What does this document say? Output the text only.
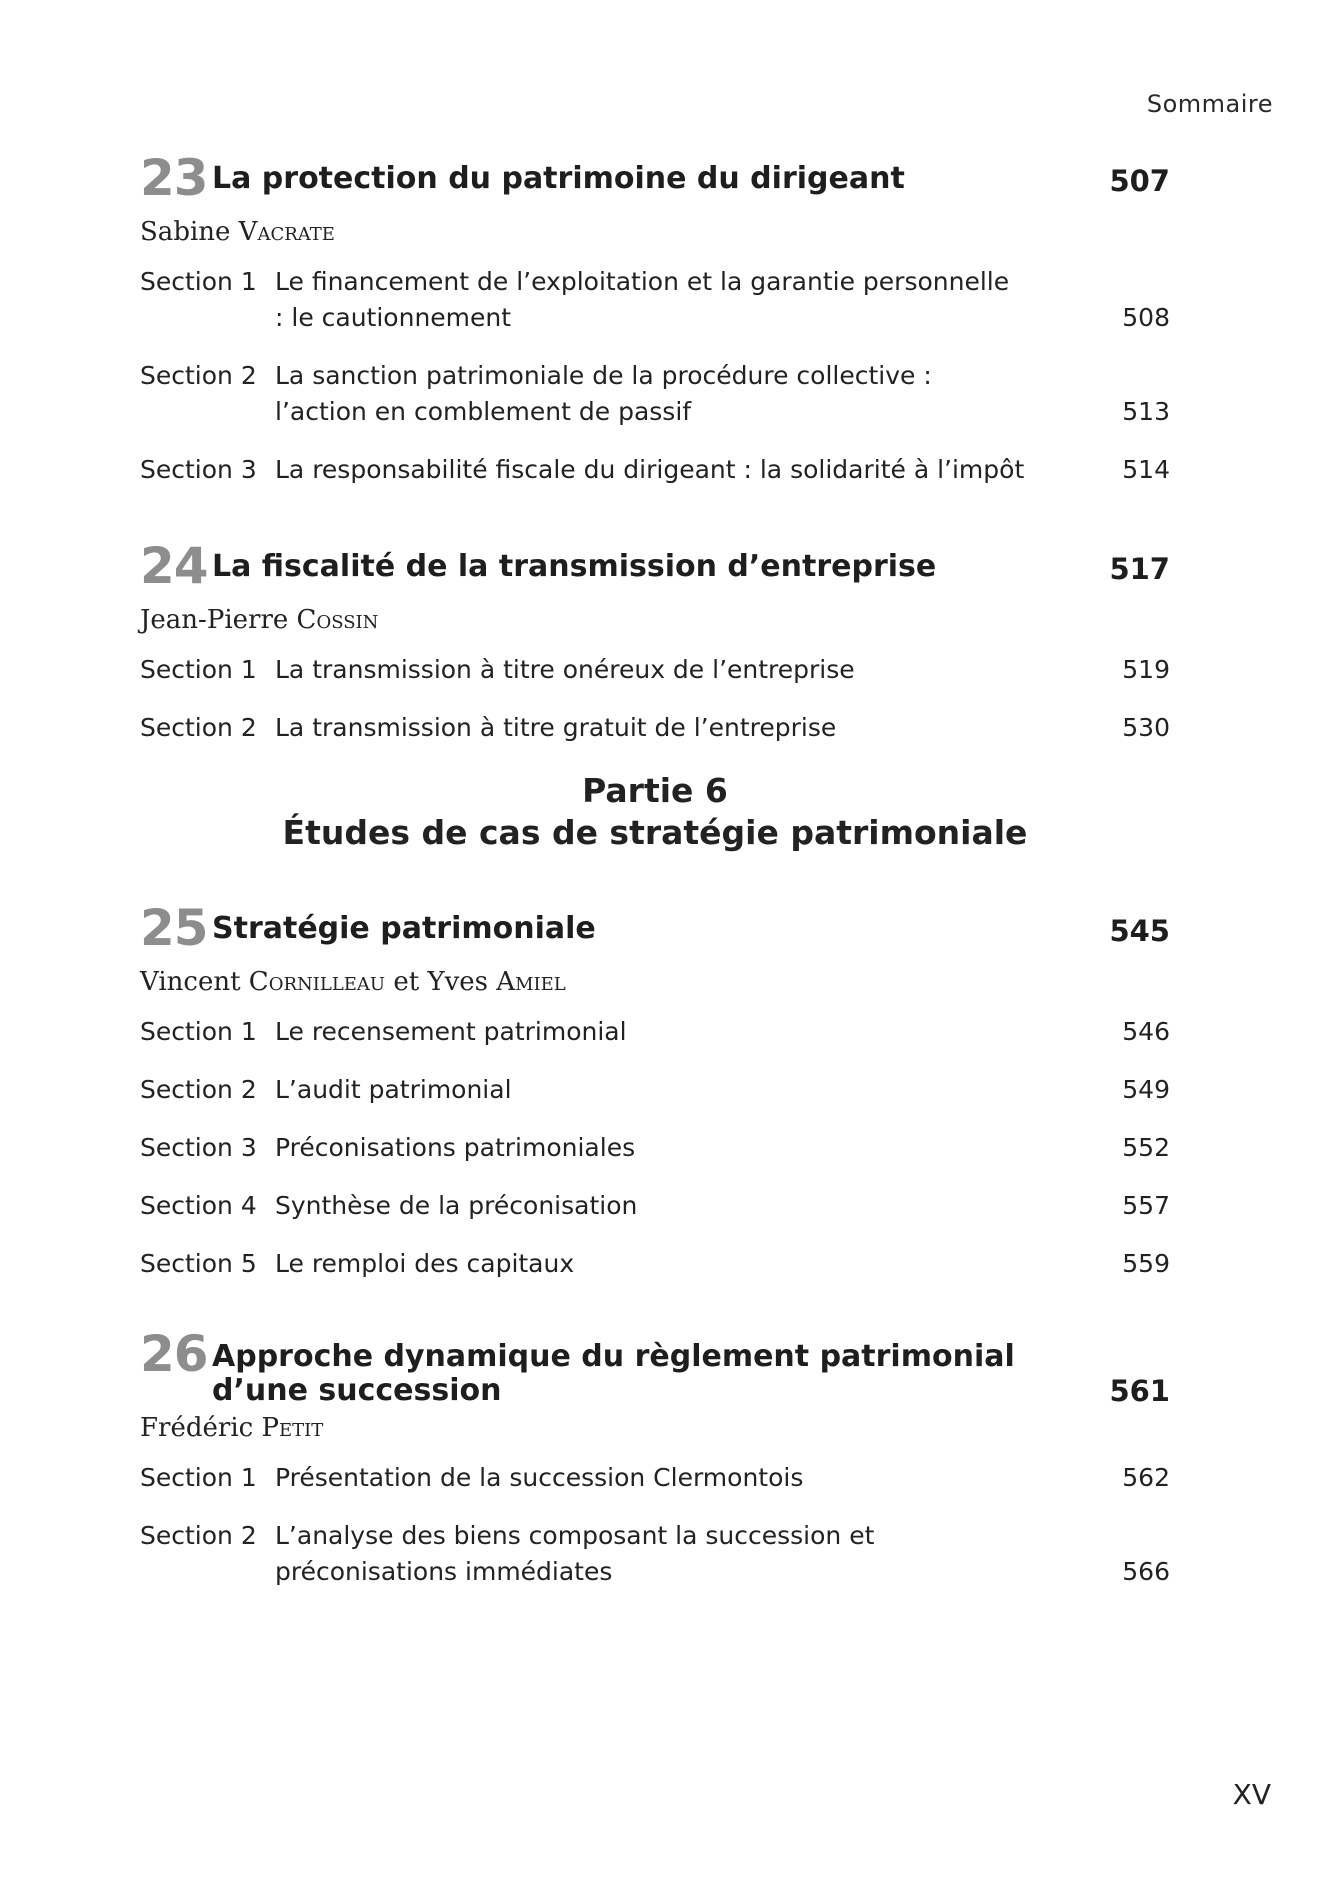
Sommaire
23 La protection du patrimoine du dirigeant	507
Sabine Vacrate
Section 1 Le financement de l’exploitation et la garantie personnelle : le cautionnement	508
Section 2 La sanction patrimoniale de la procédure collective : l’action en comblement de passif	513
Section 3 La responsabilité fiscale du dirigeant : la solidarité à l’impôt	514
24 La fiscalité de la transmission d’entreprise	517
Jean-Pierre Cossin
Section 1 La transmission à titre onéreux de l’entreprise	519
Section 2 La transmission à titre gratuit de l’entreprise	530
Partie 6
Études de cas de stratégie patrimoniale
25 Stratégie patrimoniale	545
Vincent Cornilleau et Yves Amiel
Section 1 Le recensement patrimonial	546
Section 2 L’audit patrimonial	549
Section 3 Préconisations patrimoniales	552
Section 4 Synthèse de la préconisation	557
Section 5 Le remploi des capitaux	559
26 Approche dynamique du règlement patrimonial
d’une succession	561
Frédéric Petit
Section 1 Présentation de la succession Clermontois	562
Section 2 L’analyse des biens composant la succession et préconisations immédiates	566
XV
